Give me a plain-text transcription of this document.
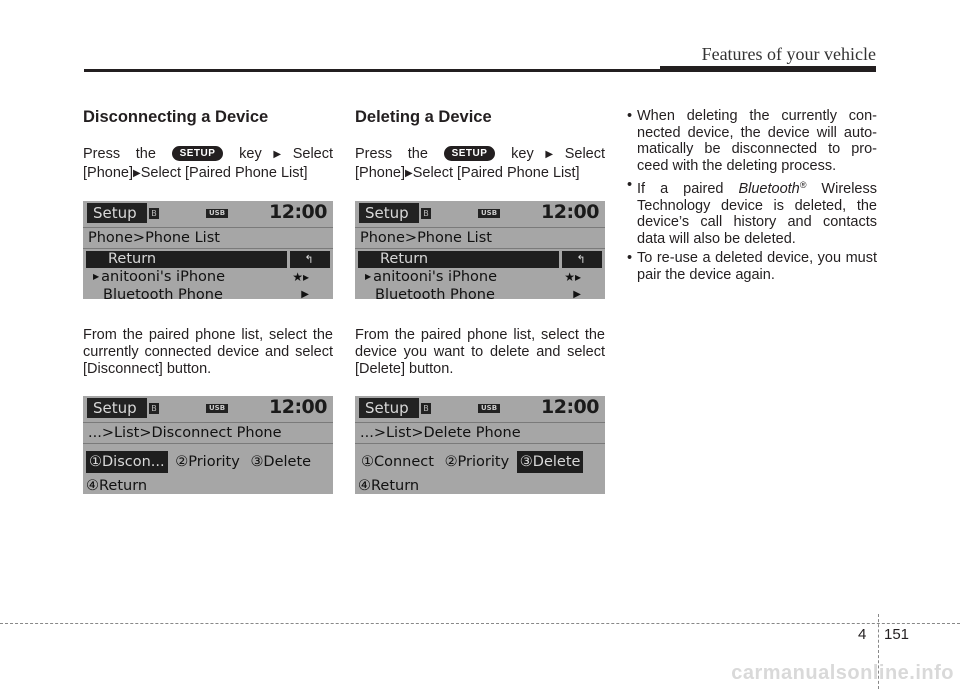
Features of your vehicle
Disconnecting a Device
Press the SETUP key▶Select
[Phone]▶Select [Paired Phone List]
Setup	B	USB 12:00
Phone>Phone List
Return	↰
▶ anitooni's iPhone	★▸
Bluetooth Phone	▶

From the paired phone list, select the currently connected device and select [Disconnect] button.

Setup	B	USB 12:00
...>List>Disconnect Phone
①Discon... ②Priority ③Delete
④Return
Deleting a Device
Press the SETUP key▶Select
[Phone]▶Select [Paired Phone List]
Setup	B	USB 12:00
Phone>Phone List
Return	↰
▶ anitooni's iPhone	★▸
Bluetooth Phone	▶

From the paired phone list, select the device you want to delete and select [Delete] button.

Setup	B	USB 12:00
...>List>Delete Phone
①Connect ②Priority ③Delete
④Return
• When deleting the currently con-nected device, the device will auto-matically be disconnected to pro-ceed with the deleting process.
• If a paired Bluetooth® Wireless Technology device is deleted, the device’s call history and contacts data will also be deleted.
• To re-use a deleted device, you must pair the device again.
4 151
carmanualsonline.info
